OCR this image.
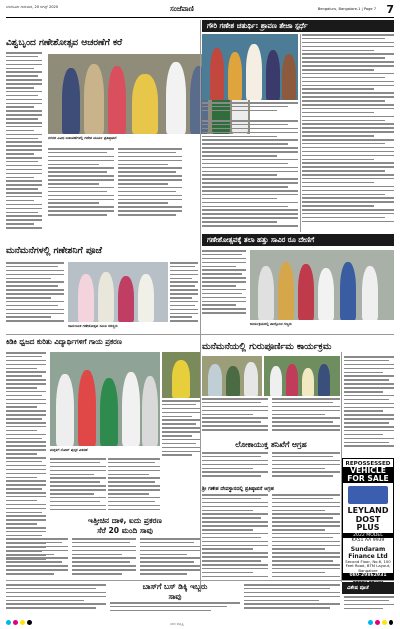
ಬೆಂಗಳೂರು ಗುರುವಾರ, 20 ಆಗಸ್ಟ್ 2020	ಸಂಜೆವಾಣಿ	Bengaluru, Bangalore-1 | Page 7 7
ವಿಶ್ವಬೃಂದ ಗಣೇಶೋತ್ಸವ ಆಚರಣೆಗೆ ಕರೆ
ಗೌರಿ ಗಣೇಶ ಚತುರ್ಥಿ: ಶ್ರಾವಣ ತೇಜಾ ಸ್ಪರ್ಧೆ
ನಗರದ ವಿವಿಧ ಬಡಾವಣೆಗಳಲ್ಲಿ ಗಣೇಶ ಮೂರ್ತಿ ಪ್ರತಿಷ್ಠಾಪನೆ
ಗಣೇಶೋತ್ಸವಕ್ಕೆ ತಲಾ ಹತ್ತು ಸಾವಿರ ರೂ ದೇಣಿಗೆ
ಮನೆಮನೆಗಳಲ್ಲಿ ಗಣೇಶನಿಗೆ ಪೂಜೆ
ಸಾರ್ವಜನಿಕ ಗಣೇಶೋತ್ಸವ ಸಮಿತಿ ಸದಸ್ಯರು	ಕಾರ್ಯಕ್ರಮದಲ್ಲಿ ಪಾಲ್ಗೊಂಡ ಗಣ್ಯರು
ಕಿಡಿಕಿ ಧ್ವಜದ ಕುರಿತು ವಿದ್ಯಾರ್ಥಿಗಳಿಗೆ ಗಾಯ ಪ್ರಕರಣ	ಮನೆಮನೆಯಲ್ಲಿ ಗುರುಪೂರ್ಣಿಮ ಕಾರ್ಯಕ್ರಮ
ಮಕ್ಕಳಿಗೆ ನೋಟ್ ಪುಸ್ತಕ ವಿತರಣೆ
ಇತ್ತೀಚಿನ ದಾಳಿ, ಐದು ಪ್ರಕರಣ
ಸೆರೆ 20 ಮಂದಿ ಸಾವು
ಲೋಕಾಯುಕ್ತ ತನಿಖೆಗೆ ಆಗ್ರಹ
ಶ್ರೀ ಗಣೇಶ ದೇವಸ್ಥಾನದಲ್ಲಿ ಪ್ರತಿಷ್ಠಾಪನೆ ಆಗ್ರಹ
ಬಾಸ್‌ಗೆ ಬಸ್ ಡಿಕ್ಕಿ ಇಬ್ಬರು
ಸಾವು
ವಿಶೇಷ ಪೂಜೆ
REPOSSESSED
VEHICLE FOR SALE
LEYLAND DOST PLUS
2022 MODEL
KA51 AA 9939
Sundaram Finance Ltd
Second Floor, No.6, 100 Feet Road, BTM Layout, Bangalore
080-29862931
99860 99100
ನಗರ ಆವೃತ್ತಿ
